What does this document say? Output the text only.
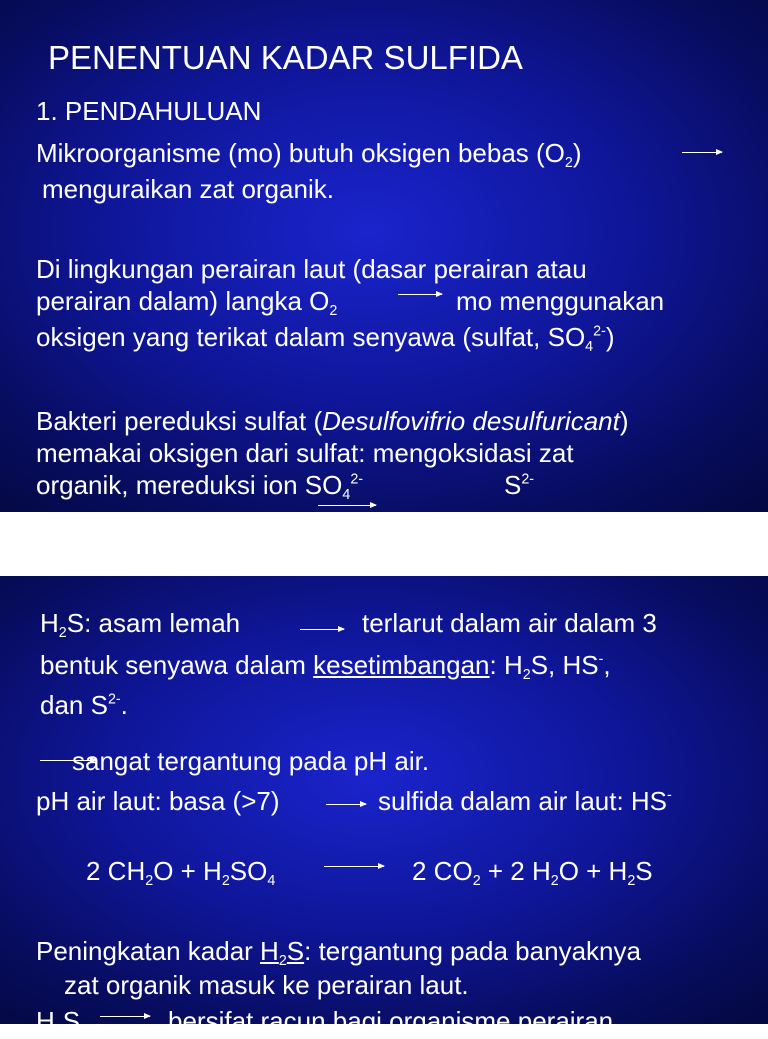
PENENTUAN KADAR SULFIDA
1. PENDAHULUAN
Mikroorganisme (mo) butuh oksigen bebas $(O_2)$
menguraikan zat organik.
Di lingkungan perairan laut (dasar perairan atau
perairan dalam) langka $O_2$	mo menggunakan
oksigen yang terikat dalam senyawa (sulfat, $SO_4^{2-}$)
Bakteri pereduksi sulfat (Desulfovifrio desulfuricant)
memakai oksigen dari sulfat: mengoksidasi zat
organik, mereduksi ion $SO_4^{2-}$	$S^{2-}$
$H_2S$: asam lemah	terlarut dalam air dalam 3
bentuk senyawa dalam kesetimbangan: $H_2S$, HS-,
dan $S^{2-}$.
sangat tergantung pada pH air.
pH air laut: basa (>7)	sulfida dalam air laut: HS-
2 $CH_2O + H_2SO_4$	2 $CO_2 + 2$ $H_2O + H_2S$
Peningkatan kadar $H_2S$: tergantung pada banyaknya
zat organik masuk ke perairan laut.
$H_2S$	bersifat racun bagi organisme perairan
